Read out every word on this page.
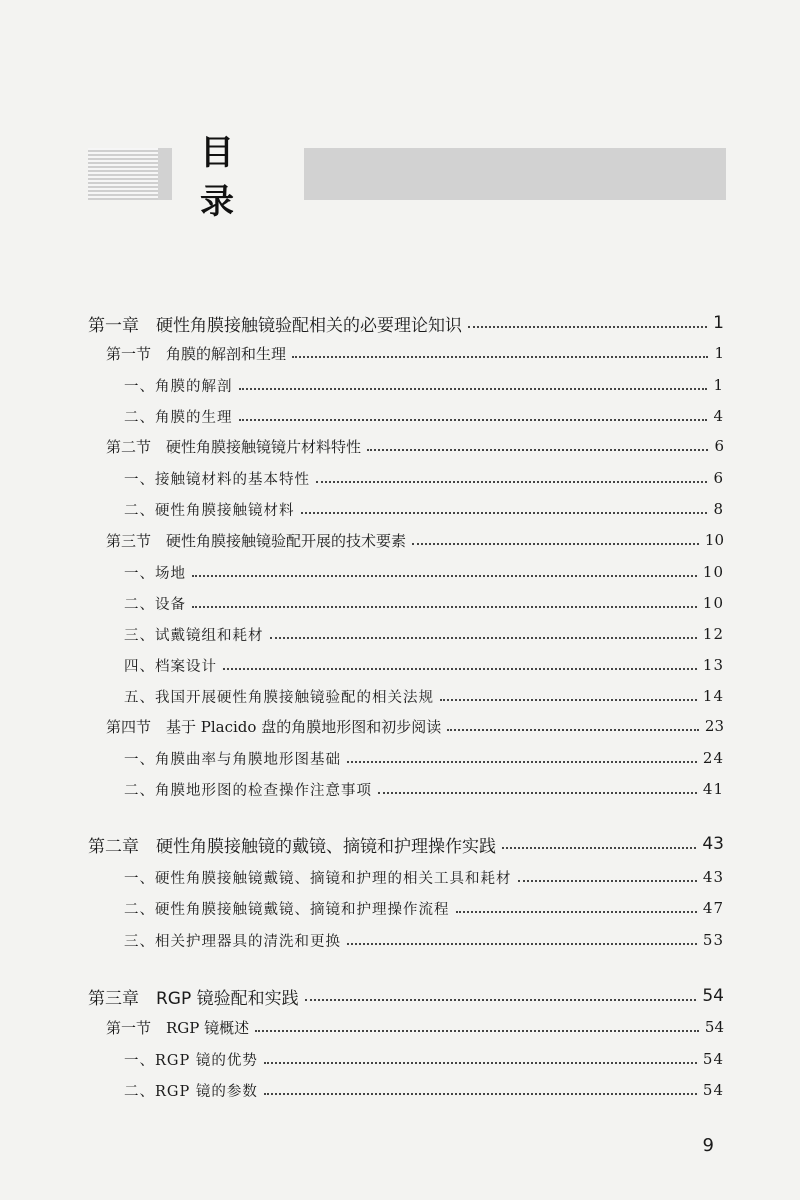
目 录
第一章　硬性角膜接触镜验配相关的必要理论知识	1
第一节　角膜的解剖和生理	1
一、角膜的解剖	1
二、角膜的生理	4
第二节　硬性角膜接触镜镜片材料特性	6
一、接触镜材料的基本特性	6
二、硬性角膜接触镜材料	8
第三节　硬性角膜接触镜验配开展的技术要素	10
一、场地	10
二、设备	10
三、试戴镜组和耗材	12
四、档案设计	13
五、我国开展硬性角膜接触镜验配的相关法规	14
第四节　基于 Placido 盘的角膜地形图和初步阅读	23
一、角膜曲率与角膜地形图基础	24
二、角膜地形图的检查操作注意事项	41
第二章　硬性角膜接触镜的戴镜、摘镜和护理操作实践	43
一、硬性角膜接触镜戴镜、摘镜和护理的相关工具和耗材	43
二、硬性角膜接触镜戴镜、摘镜和护理操作流程	47
三、相关护理器具的清洗和更换	53
第三章　RGP 镜验配和实践	54
第一节　RGP 镜概述	54
一、RGP 镜的优势	54
二、RGP 镜的参数	54
9
